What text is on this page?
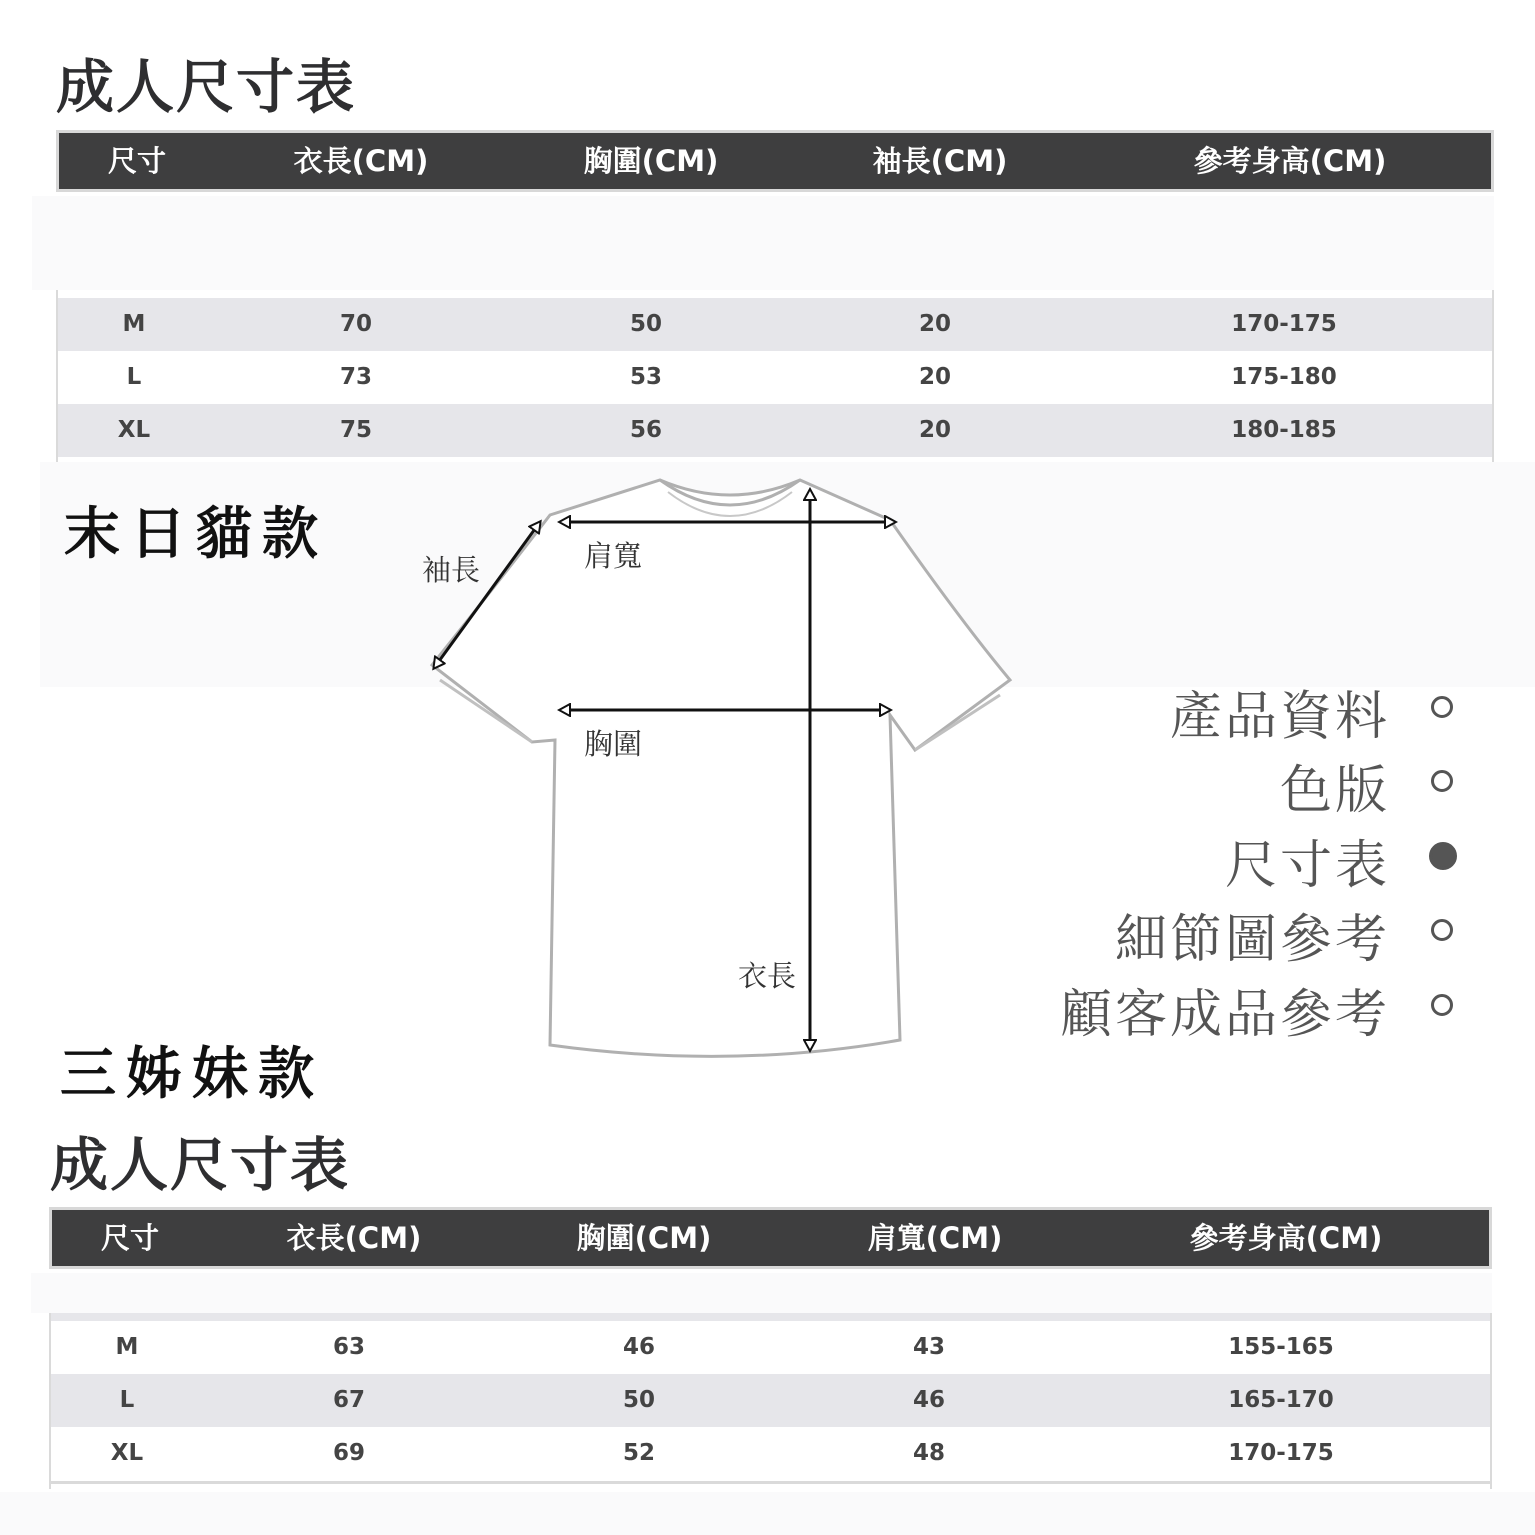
成人尺寸表
尺寸	衣長(CM)	胸圍(CM)	袖長(CM)	參考身高(CM)
M	70	50	20	170-175
L	73	53	20	175-180
XL	75	56	20	180-185
末日貓款
三姊妹款
袖長	肩寬
胸圍
衣長
產品資料
色版
尺寸表
細節圖參考
顧客成品參考
成人尺寸表
尺寸	衣長(CM)	胸圍(CM)	肩寬(CM)	參考身高(CM)
M	63	46	43	155-165
L	67	50	46	165-170
XL	69	52	48	170-175
